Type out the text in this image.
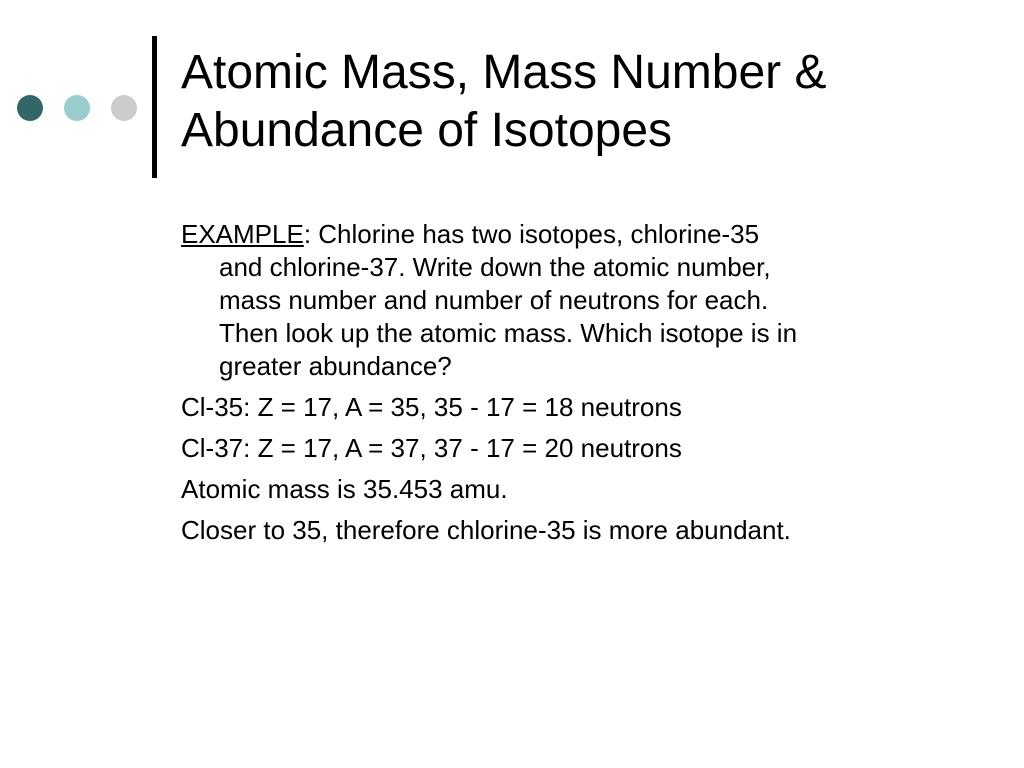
Atomic Mass, Mass Number &
Abundance of Isotopes
EXAMPLE: Chlorine has two isotopes, chlorine-35
and chlorine-37. Write down the atomic number,
mass number and number of neutrons for each.
Then look up the atomic mass. Which isotope is in
greater abundance?
Cl-35: Z = 17, A = 35, 35 - 17 = 18 neutrons
Cl-37: Z = 17, A = 37, 37 - 17 = 20 neutrons
Atomic mass is 35.453 amu.
Closer to 35, therefore chlorine-35 is more abundant.
